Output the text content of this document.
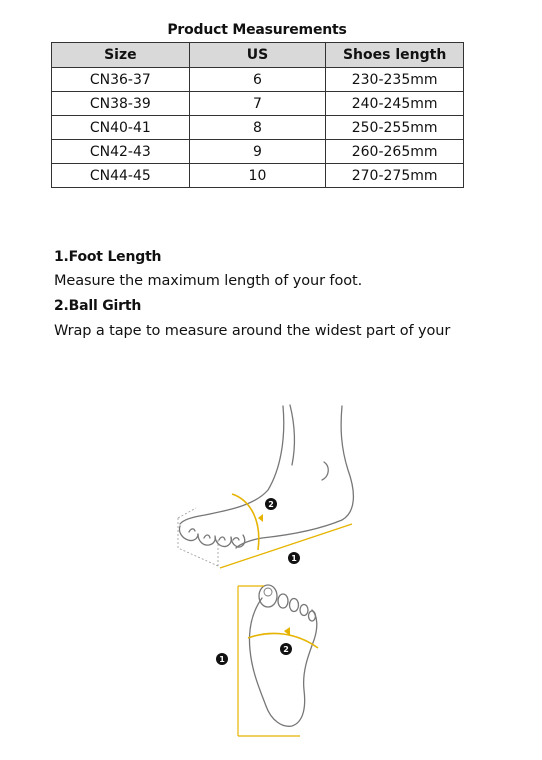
Product Measurements
Size	US	Shoes length
CN36-37	6	230-235mm
CN38-39	7	240-245mm
CN40-41	8	250-255mm
CN42-43	9	260-265mm
CN44-45	10	270-275mm
1.Foot Length
Measure the maximum length of your foot.
2.Ball Girth
Wrap a tape to measure around the widest part of your
1
2
1
2
